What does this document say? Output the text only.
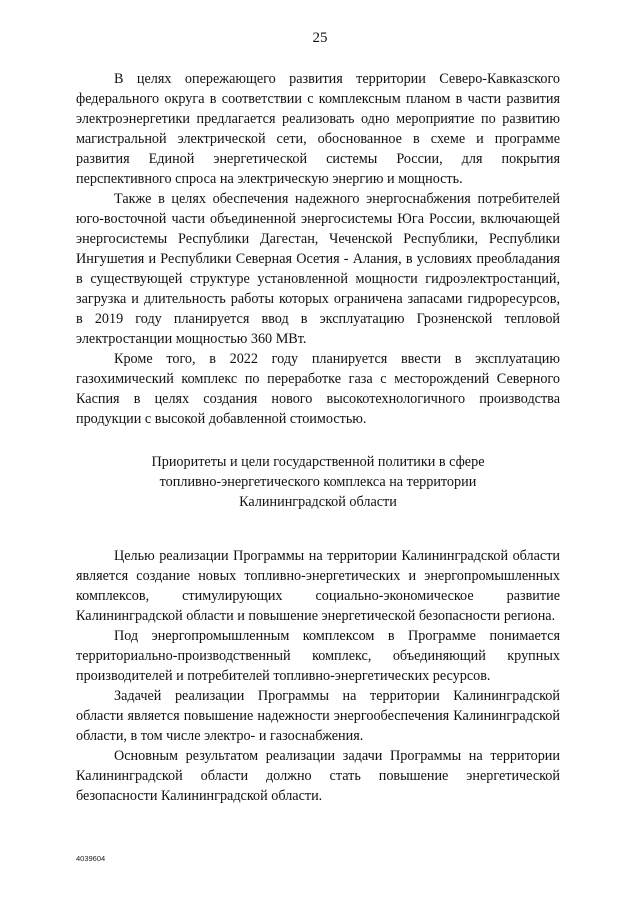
25

В целях опережающего развития территории Северо-Кавказского федерального округа в соответствии с комплексным планом в части развития электроэнергетики предлагается реализовать одно мероприятие по развитию магистральной электрической сети, обоснованное в схеме и программе развития Единой энергетической системы России, для покрытия перспективного спроса на электрическую энергию и мощность.

Также в целях обеспечения надежного энергоснабжения потребителей юго-восточной части объединенной энергосистемы Юга России, включающей энергосистемы Республики Дагестан, Чеченской Республики, Республики Ингушетия и Республики Северная Осетия - Алания, в условиях преобладания в существующей структуре установленной мощности гидроэлектростанций, загрузка и длительность работы которых ограничена запасами гидроресурсов, в 2019 году планируется ввод в эксплуатацию Грозненской тепловой электростанции мощностью 360 МВт.

Кроме того, в 2022 году планируется ввести в эксплуатацию газохимический комплекс по переработке газа с месторождений Северного Каспия в целях создания нового высокотехнологичного производства продукции с высокой добавленной стоимостью.

Приоритеты и цели государственной политики в сфере

топливно-энергетического комплекса на территории

Калининградской области

Целью реализации Программы на территории Калининградской области является создание новых топливно-энергетических и энергопромышленных комплексов, стимулирующих социально-экономическое развитие Калининградской области и повышение энергетической безопасности региона.

Под энергопромышленным комплексом в Программе понимается территориально-производственный комплекс, объединяющий крупных производителей и потребителей топливно-энергетических ресурсов.

Задачей реализации Программы на территории Калининградской области является повышение надежности энергообеспечения Калининградской области, в том числе электро- и газоснабжения.

Основным результатом реализации задачи Программы на территории Калининградской области должно стать повышение энергетической безопасности Калининградской области.

4039604
